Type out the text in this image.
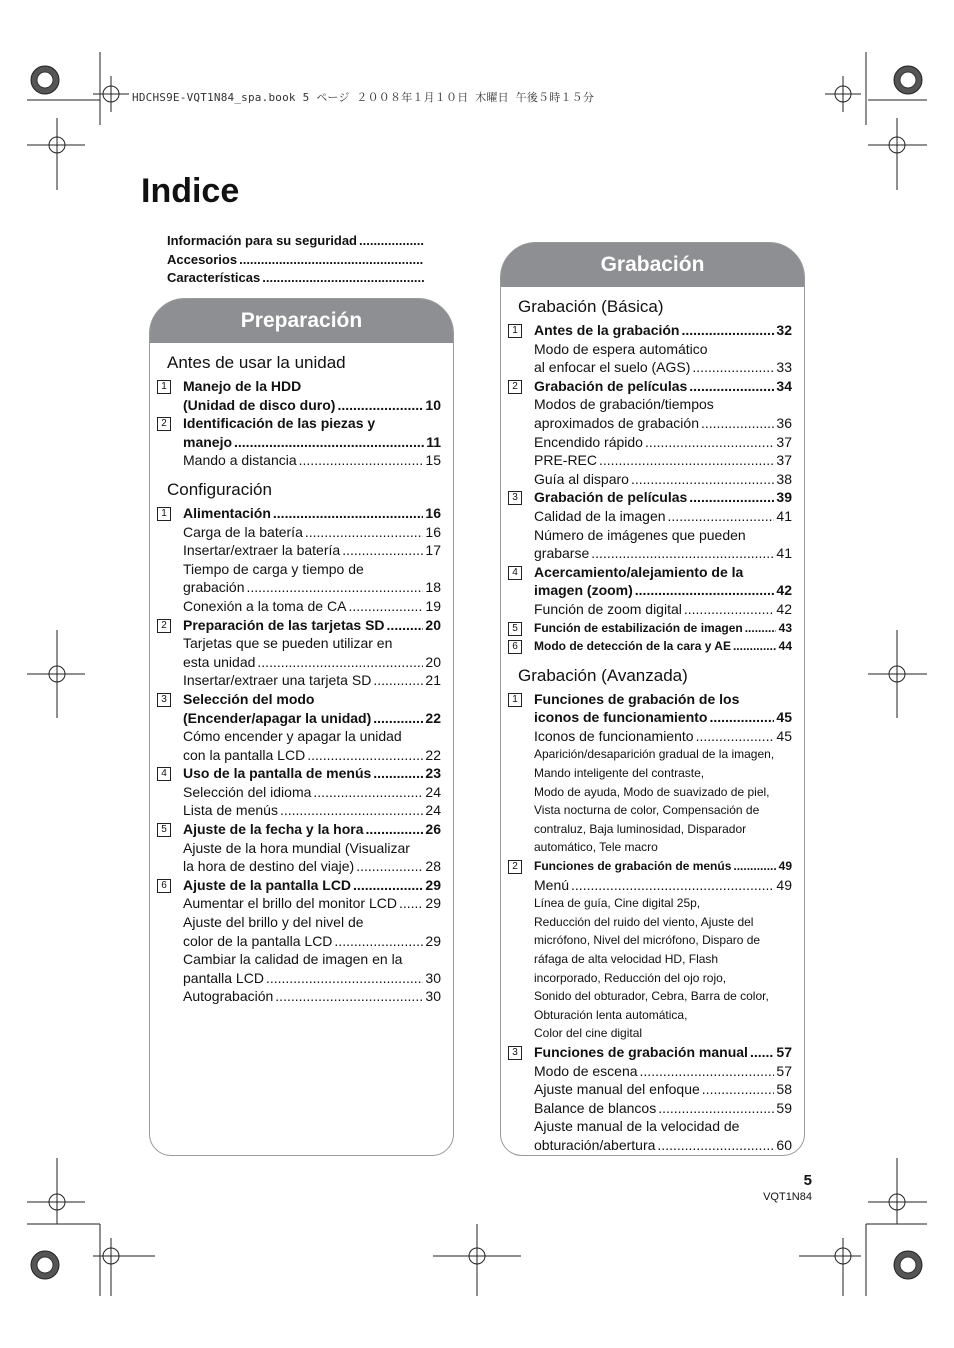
HDCHS9E-VQT1N84_spa.book 5 ページ ２００８年１月１０日 木曜日 午後５時１５分
Indice
Información para su seguridad
.....
Accesorios
.....
Características
.....
Preparación
Antes de usar la unidad
1	Manejo de la HDD
(Unidad de disco duro) .....	10
2	Identificación de las piezas y
manejo .....	11
Mando a distancia .....	15
Configuración
1	Alimentación .....	16
Carga de la batería .....	16
Insertar/extraer la batería .....	17
Tiempo de carga y tiempo de
grabación .....	18
Conexión a la toma de CA .....	19
2	Preparación de las tarjetas SD .....	20
Tarjetas que se pueden utilizar en
esta unidad .....	20
Insertar/extraer una tarjeta SD .....	21
3	Selección del modo
(Encender/apagar la unidad) .....	22
Cómo encender y apagar la unidad
con la pantalla LCD .....	22
4	Uso de la pantalla de menús .....	23
Selección del idioma .....	24
Lista de menús .....	24
5	Ajuste de la fecha y la hora .....	26
Ajuste de la hora mundial (Visualizar
la hora de destino del viaje) .....	28
6	Ajuste de la pantalla LCD .....	29
Aumentar el brillo del monitor LCD ..... 29
Ajuste del brillo y del nivel de
color de la pantalla LCD .....	29
Cambiar la calidad de imagen en la
pantalla LCD .....	30
Autograbación .....	30
Grabación
Grabación (Básica)
1	Antes de la grabación .....	32
Modo de espera automático
al enfocar el suelo (AGS) .....	33
2	Grabación de películas .....	34
Modos de grabación/tiempos
aproximados de grabación .....	36
Encendido rápido .....	37
PRE-REC .....	37
Guía al disparo .....	38
3	Grabación de películas .....	39
Calidad de la imagen .....	41
Número de imágenes que pueden
grabarse .....	41
4	Acercamiento/alejamiento de la
imagen (zoom) .....	42
Función de zoom digital .....	42
5	Función de estabilización de imagen .....	43
6	Modo de detección de la cara y AE .....	44
Grabación (Avanzada)
1	Funciones de grabación de los
iconos de funcionamiento .....	45
Iconos de funcionamiento .....	45
Aparición/desaparición gradual de la imagen,
Mando inteligente del contraste,
Modo de ayuda, Modo de suavizado de piel,
Vista nocturna de color, Compensación de
contraluz, Baja luminosidad, Disparador
automático, Tele macro
2	Funciones de grabación de menús .....	49
Menú .....	49
Línea de guía, Cine digital 25p,
Reducción del ruido del viento, Ajuste del
micrófono, Nivel del micrófono, Disparo de
ráfaga de alta velocidad HD, Flash
incorporado, Reducción del ojo rojo,
Sonido del obturador, Cebra, Barra de color,
Obturación lenta automática,
Color del cine digital
3	Funciones de grabación manual ..... 57
Modo de escena .....	57
Ajuste manual del enfoque .....	58
Balance de blancos .....	59
Ajuste manual de la velocidad de
obturación/abertura .....	60
5
VQT1N84
